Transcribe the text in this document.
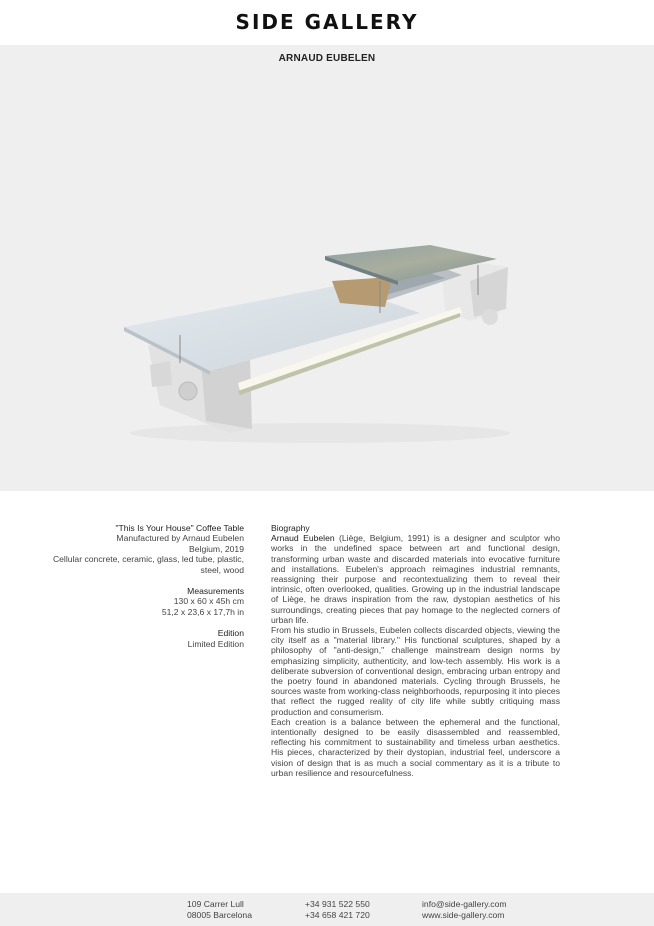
SIDE GALLERY
ARNAUD EUBELEN
"This Is Your House" Coffee Table
Manufactured by Arnaud Eubelen
Belgium, 2019
Cellular concrete, ceramic, glass, led tube, plastic,
steel, wood
Measurements
130 x 60 x 45h cm
51,2 x 23,6 x 17,7h in
Edition
Limited Edition
Biography

Arnaud Eubelen (Liège, Belgium, 1991) is a designer and sculptor who works in the undefined space between art and functional design, transforming urban waste and discarded materials into evocative furniture and installations. Eubelen's approach reimagines industrial remnants, reassigning their purpose and recontextualizing them to reveal their intrinsic, often overlooked, qualities. Growing up in the industrial landscape of Liège, he draws inspiration from the raw, dystopian aesthetics of his surroundings, creating pieces that pay homage to the neglected corners of urban life.

From his studio in Brussels, Eubelen collects discarded objects, viewing the city itself as a "material library." His functional sculptures, shaped by a philosophy of "anti-design," challenge mainstream design norms by emphasizing simplicity, authenticity, and low-tech assembly. His work is a deliberate subversion of conventional design, embracing urban entropy and the poetry found in abandoned materials. Cycling through Brussels, he sources waste from working-class neighborhoods, repurposing it into pieces that reflect the rugged reality of city life while subtly critiquing mass production and consumerism.

Each creation is a balance between the ephemeral and the functional, intentionally designed to be easily disassembled and reassembled, reflecting his commitment to sustainability and timeless urban aesthetics. His pieces, characterized by their dystopian, industrial feel, underscore a vision of design that is as much a social commentary as it is a tribute to urban resilience and resourcefulness.

109 Carrer Lull
08005 Barcelona
+34 931 522 550
+34 658 421 720
info@side-gallery.com
www.side-gallery.com
